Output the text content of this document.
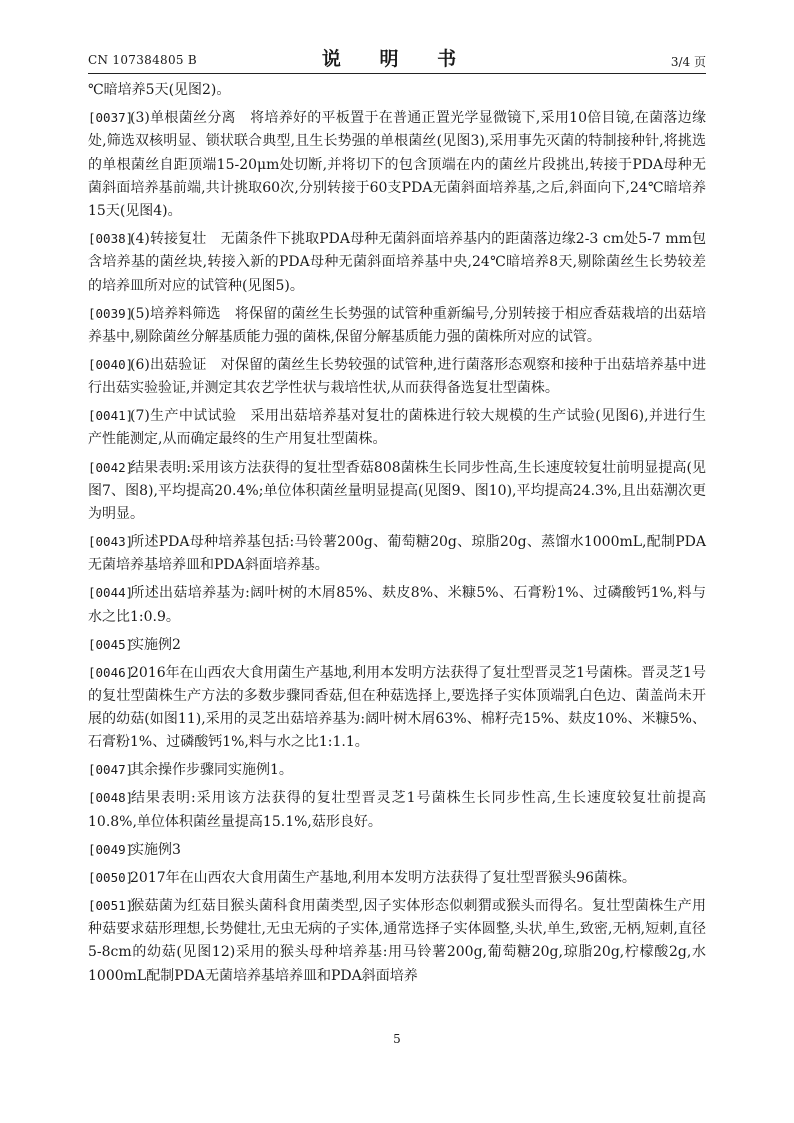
CN 107384805 B	说 明 书	3/4 页

℃暗培养5天(见图2)。

[0037](3)单根菌丝分离　将培养好的平板置于在普通正置光学显微镜下,采用10倍目镜,在菌落边缘处,筛选双核明显、锁状联合典型,且生长势强的单根菌丝(见图3),采用事先灭菌的特制接种针,将挑选的单根菌丝自距顶端15-20μm处切断,并将切下的包含顶端在内的菌丝片段挑出,转接于PDA母种无菌斜面培养基前端,共计挑取60次,分别转接于60支PDA无菌斜面培养基,之后,斜面向下,24℃暗培养15天(见图4)。

[0038](4)转接复壮　无菌条件下挑取PDA母种无菌斜面培养基内的距菌落边缘2-3 cm处5-7 mm包含培养基的菌丝块,转接入新的PDA母种无菌斜面培养基中央,24℃暗培养8天,剔除菌丝生长势较差的培养皿所对应的试管种(见图5)。

[0039](5)培养料筛选　将保留的菌丝生长势强的试管种重新编号,分别转接于相应香菇栽培的出菇培养基中,剔除菌丝分解基质能力强的菌株,保留分解基质能力强的菌株所对应的试管。

[0040](6)出菇验证　对保留的菌丝生长势较强的试管种,进行菌落形态观察和接种于出菇培养基中进行出菇实验验证,并测定其农艺学性状与栽培性状,从而获得备选复壮型菌株。

[0041](7)生产中试试验　采用出菇培养基对复壮的菌株进行较大规模的生产试验(见图6),并进行生产性能测定,从而确定最终的生产用复壮型菌株。

[0042]结果表明:采用该方法获得的复壮型香菇808菌株生长同步性高,生长速度较复壮前明显提高(见图7、图8),平均提高20.4%;单位体积菌丝量明显提高(见图9、图10),平均提高24.3%,且出菇潮次更为明显。

[0043]所述PDA母种培养基包括:马铃薯200g、葡萄糖20g、琼脂20g、蒸馏水1000mL,配制PDA无菌培养基培养皿和PDA斜面培养基。

[0044]所述出菇培养基为:阔叶树的木屑85%、麸皮8%、米糠5%、石膏粉1%、过磷酸钙1%,料与水之比1:0.9。

[0045]实施例2

[0046]2016年在山西农大食用菌生产基地,利用本发明方法获得了复壮型晋灵芝1号菌株。晋灵芝1号的复壮型菌株生产方法的多数步骤同香菇,但在种菇选择上,要选择子实体顶端乳白色边、菌盖尚未开展的幼菇(如图11),采用的灵芝出菇培养基为:阔叶树木屑63%、棉籽壳15%、麸皮10%、米糠5%、石膏粉1%、过磷酸钙1%,料与水之比1:1.1。

[0047]其余操作步骤同实施例1。

[0048]结果表明:采用该方法获得的复壮型晋灵芝1号菌株生长同步性高,生长速度较复壮前提高10.8%,单位体积菌丝量提高15.1%,菇形良好。

[0049]实施例3

[0050]2017年在山西农大食用菌生产基地,利用本发明方法获得了复壮型晋猴头96菌株。

[0051]猴菇菌为红菇目猴头菌科食用菌类型,因子实体形态似刺猬或猴头而得名。复壮型菌株生产用种菇要求菇形理想,长势健壮,无虫无病的子实体,通常选择子实体圆整,头状,单生,致密,无柄,短刺,直径5-8cm的幼菇(见图12)采用的猴头母种培养基:用马铃薯200g,葡萄糖20g,琼脂20g,柠檬酸2g,水1000mL配制PDA无菌培养基培养皿和PDA斜面培养

5
